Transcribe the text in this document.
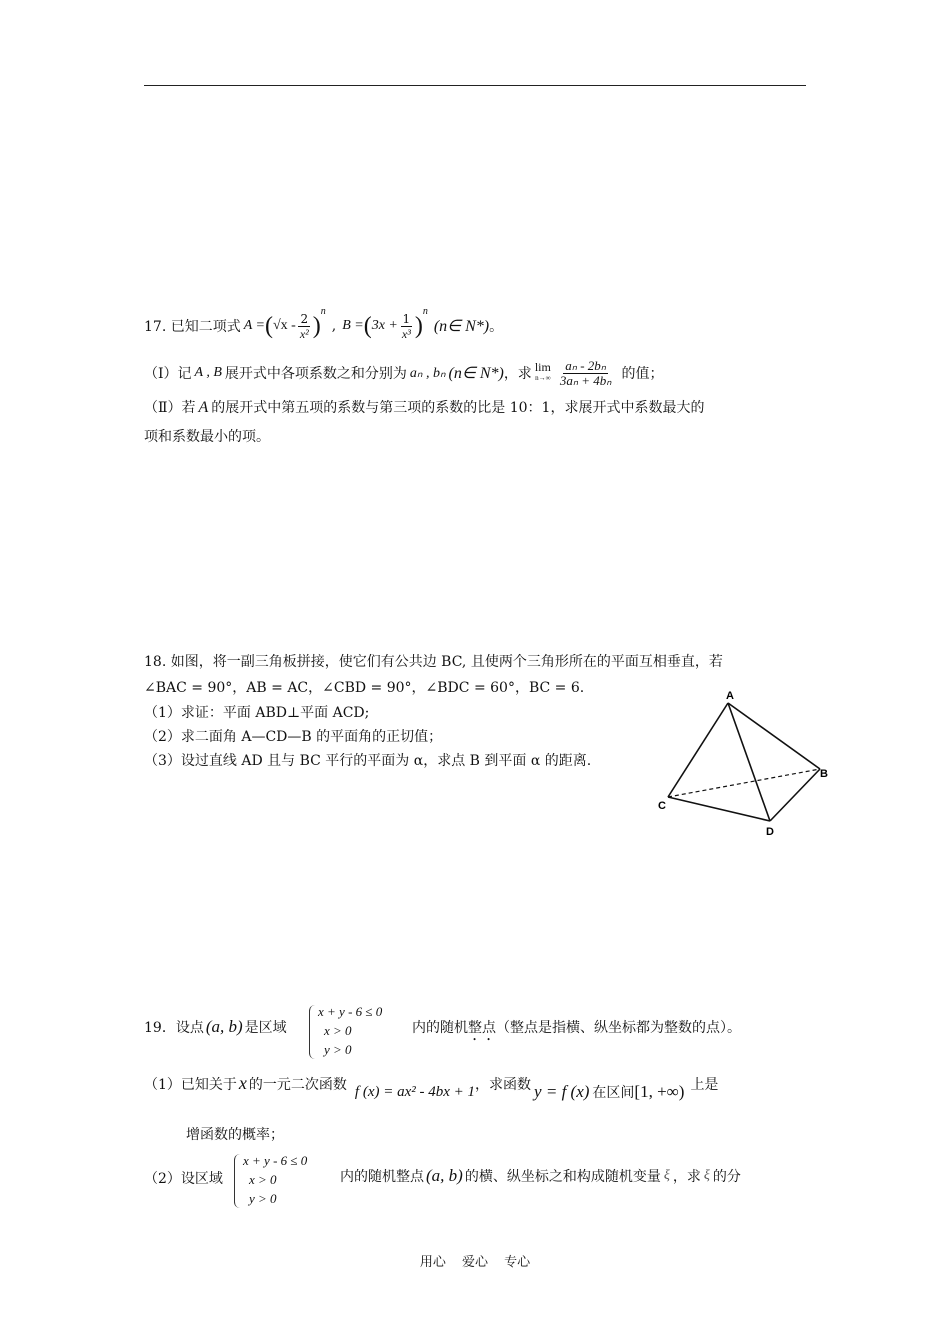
17. 已知二项式 A = ( $√x - \frac{2}{\text{x²}}$ )
$^n$
, B = ( $3x + \frac{1}{\text{x³}}$ )
$^n$
(n∈ N*) 。
（Ⅰ）记 A , B 展开式中各项系数之和分别为 aₙ , bₙ (n∈ N*) ，求 lim
$n\to\infty \frac{\text{aₙ - 2bₙ}}{\text{3aₙ + 4bₙ}}$ 的值；
（Ⅱ）若 A 的展开式中第五项的系数与第三项的系数的比是 10：1，求展开式中系数最大的
项和系数最小的项。
18. 如图，将一副三角板拼接，使它们有公共边 BC, 且使两个三角形所在的平面互相垂直，若
∠BAC = 90°，AB = AC，∠CBD = 90°，∠BDC = 60°，BC = 6.
（1）求证：平面 ABD⊥平面 ACD;
（2）求二面角 A—CD—B 的平面角的正切值；
（3）设过直线 AD 且与 BC 平行的平面为 α，求点 B 到平面 α 的距离.
A
B
C
D
19．设点 (a, b) 是区域
x + y - 6 ≤ 0
x > 0
y > 0
内的随机整点（整点是指横、纵坐标都为整数的点）。
（1）已知关于 x 的一元二次函数 f (x) = ax² - 4bx + 1 ，求函数 y = f (x) 在区间 [1, +∞) 上是
增函数的概率；
（2）设区域
x + y - 6 ≤ 0
x > 0
y > 0
内的随机整点 (a, b) 的横、纵坐标之和构成随机变量 ξ ，求 ξ 的分
用心 爱心 专心
